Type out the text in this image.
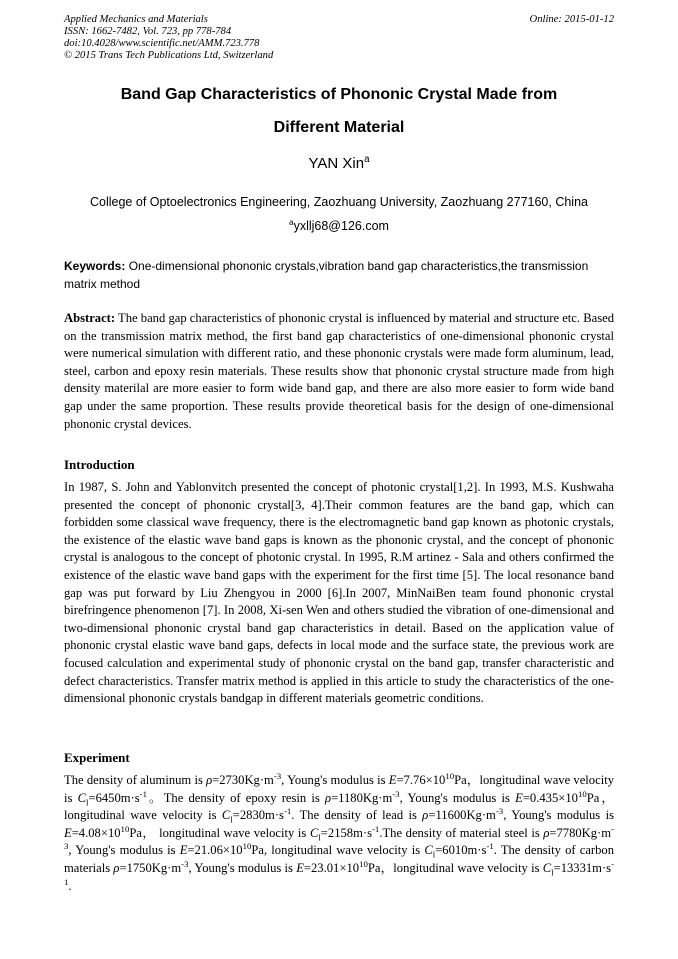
Applied Mechanics and Materials
ISSN: 1662-7482, Vol. 723, pp 778-784
doi:10.4028/www.scientific.net/AMM.723.778
© 2015 Trans Tech Publications Ltd, Switzerland
Online: 2015-01-12
Band Gap Characteristics of Phononic Crystal Made from
Different Material
YAN Xin$^a$
College of Optoelectronics Engineering, Zaozhuang University, Zaozhuang 277160, China
$^a$yxllj68@126.com
Keywords: One-dimensional phononic crystals,vibration band gap characteristics,the transmission matrix method
Abstract: The band gap characteristics of phononic crystal is influenced by material and structure etc. Based on the transmission matrix method, the first band gap characteristics of one-dimensional phononic crystal were numerical simulation with different ratio, and these phononic crystals were made form aluminum, lead, steel, carbon and epoxy resin materials. These results show that phononic crystal structure made from high density materilal are more easier to form wide band gap, and there are also more easier to form wide band gap under the same proportion. These results provide theoretical basis for the design of one-dimensional phononic crystal devices.
Introduction
In 1987, S. John and Yablonvitch presented the concept of photonic crystal[1,2]. In 1993, M.S. Kushwaha presented the concept of phononic crystal[3, 4].Their common features are the band gap, which can forbidden some classical wave frequency, there is the electromagnetic band gap known as photonic crystals, the existence of the elastic wave band gaps is known as the phononic crystal, and the concept of phononic crystal is analogous to the concept of photonic crystal. In 1995, R.M artinez - Sala and others confirmed the existence of the elastic wave band gaps with the experiment for the first time [5]. The local resonance band gap was put forward by Liu Zhengyou in 2000 [6].In 2007, MinNaiBen team found phononic crystal birefringence phenomenon [7]. In 2008, Xi-sen Wen and others studied the vibration of one-dimensional and two-dimensional phononic crystal band gap characteristics in detail. Based on the application value of phononic crystal elastic wave band gaps, defects in local mode and the surface state, the previous work are focused calculation and experimental study of phononic crystal on the band gap, transfer characteristic and defect characteristics. Transfer matrix method is applied in this article to study the characteristics of the one-dimensional phononic crystals bandgap in different materials geometric conditions.
Experiment
The density of aluminum is $\rho=2730Kg\cdot m^{-3}$, Young's modulus is $E=7.76\times 10^{10}Pa$，longitudinal wave velocity is $C_l=6450m\cdot s^{-1}$。The density of epoxy resin is $\rho=1180Kg\cdot m^{-3}$, Young's modulus is $E=0.435\times 10^{10}Pa$， longitudinal wave velocity is $C_l=2830m\cdot s^{-1}$. The density of lead is $\rho=11600Kg\cdot m^{-3}$, Young's modulus is $E=4.08\times 10^{10}Pa$， longitudinal wave velocity is $C_l=2158m\cdot s^{-1}.The$ density of material steel is $\rho=7780Kg\cdot m^{-3}$, Young's modulus is $E=21.06\times 10^{10}Pa$, longitudinal wave velocity is $C_l=6010m\cdot s^{-1}$. The density of carbon materials $\rho=1750Kg\cdot m^{-3}$, Young's modulus is $E=23.01\times 10^{10}Pa$，longitudinal wave velocity is $C_l=13331m\cdot s^{-1}$.
